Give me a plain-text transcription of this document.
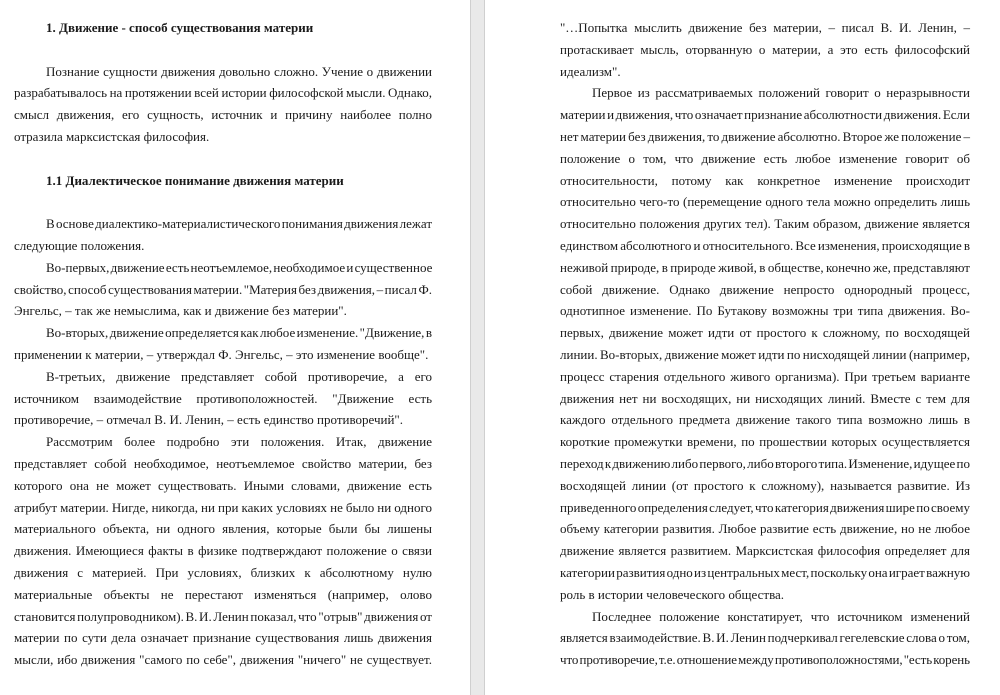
1. Движение - способ существования материи

Познание сущности движения довольно сложно. Учение о движении
разрабатывалось на протяжении всей истории философской мысли. Однако,
смысл движения, его сущность, источник и причину наиболее полно
отразила марксистская философия.

1.1 Диалектическое понимание движения материи

В основе диалектико-материалистического понимания движения лежат
следующие положения.
Во-первых, движение есть неотъемлемое, необходимое и существенное
свойство, способ существования материи. "Материя без движения, – писал Ф.
Энгельс, – так же немыслима, как и движение без материи".
Во-вторых, движение определяется как любое изменение. "Движение, в
применении к материи, – утверждал Ф. Энгельс, – это изменение вообще".
В-третьих, движение представляет собой противоречие, а его
источником взаимодействие противоположностей. "Движение есть
противоречие, – отмечал В. И. Ленин, – есть единство противоречий".
Рассмотрим более подробно эти положения. Итак, движение
представляет собой необходимое, неотъемлемое свойство материи, без
которого она не может существовать. Иными словами, движение есть
атрибут материи. Нигде, никогда, ни при каких условиях не было ни одного
материального объекта, ни одного явления, которые были бы лишены
движения. Имеющиеся факты в физике подтверждают положение о связи
движения с материей. При условиях, близких к абсолютному нулю
материальные объекты не перестают изменяться (например, олово
становится полупроводником). В. И. Ленин показал, что "отрыв" движения от
материи по сути дела означает признание существования лишь движения
мысли, ибо движения "самого по себе", движения "ничего" не существует.
"…Попытка мыслить движение без материи, – писал В. И. Ленин, –
протаскивает мысль, оторванную о материи, а это есть философский
идеализм".
Первое из рассматриваемых положений говорит о неразрывности
материи и движения, что означает признание абсолютности движения. Если
нет материи без движения, то движение абсолютно. Второе же положение –
положение о том, что движение есть любое изменение говорит об
относительности, потому как конкретное изменение происходит
относительно чего-то (перемещение одного тела можно определить лишь
относительно положения других тел). Таким образом, движение является
единством абсолютного и относительного. Все изменения, происходящие в
неживой природе, в природе живой, в обществе, конечно же, представляют
собой движение. Однако движение непросто однородный процесс,
однотипное изменение. По Бутакову возможны три типа движения. Во-
первых, движение может идти от простого к сложному, по восходящей
линии. Во-вторых, движение может идти по нисходящей линии (например,
процесс старения отдельного живого организма). При третьем варианте
движения нет ни восходящих, ни нисходящих линий. Вместе с тем для
каждого отдельного предмета движение такого типа возможно лишь в
короткие промежутки времени, по прошествии которых осуществляется
переход к движению либо первого, либо второго типа. Изменение, идущее по
восходящей линии (от простого к сложному), называется развитие. Из
приведенного определения следует, что категория движения шире по своему
объему категории развития. Любое развитие есть движение, но не любое
движение является развитием. Марксистская философия определяет для
категории развития одно из центральных мест, поскольку она играет важную
роль в истории человеческого общества.
Последнее положение констатирует, что источником изменений
является взаимодействие. В. И. Ленин подчеркивал гегелевские слова о том,
что противоречие, т.е. отношение между противоположностями, "есть корень
